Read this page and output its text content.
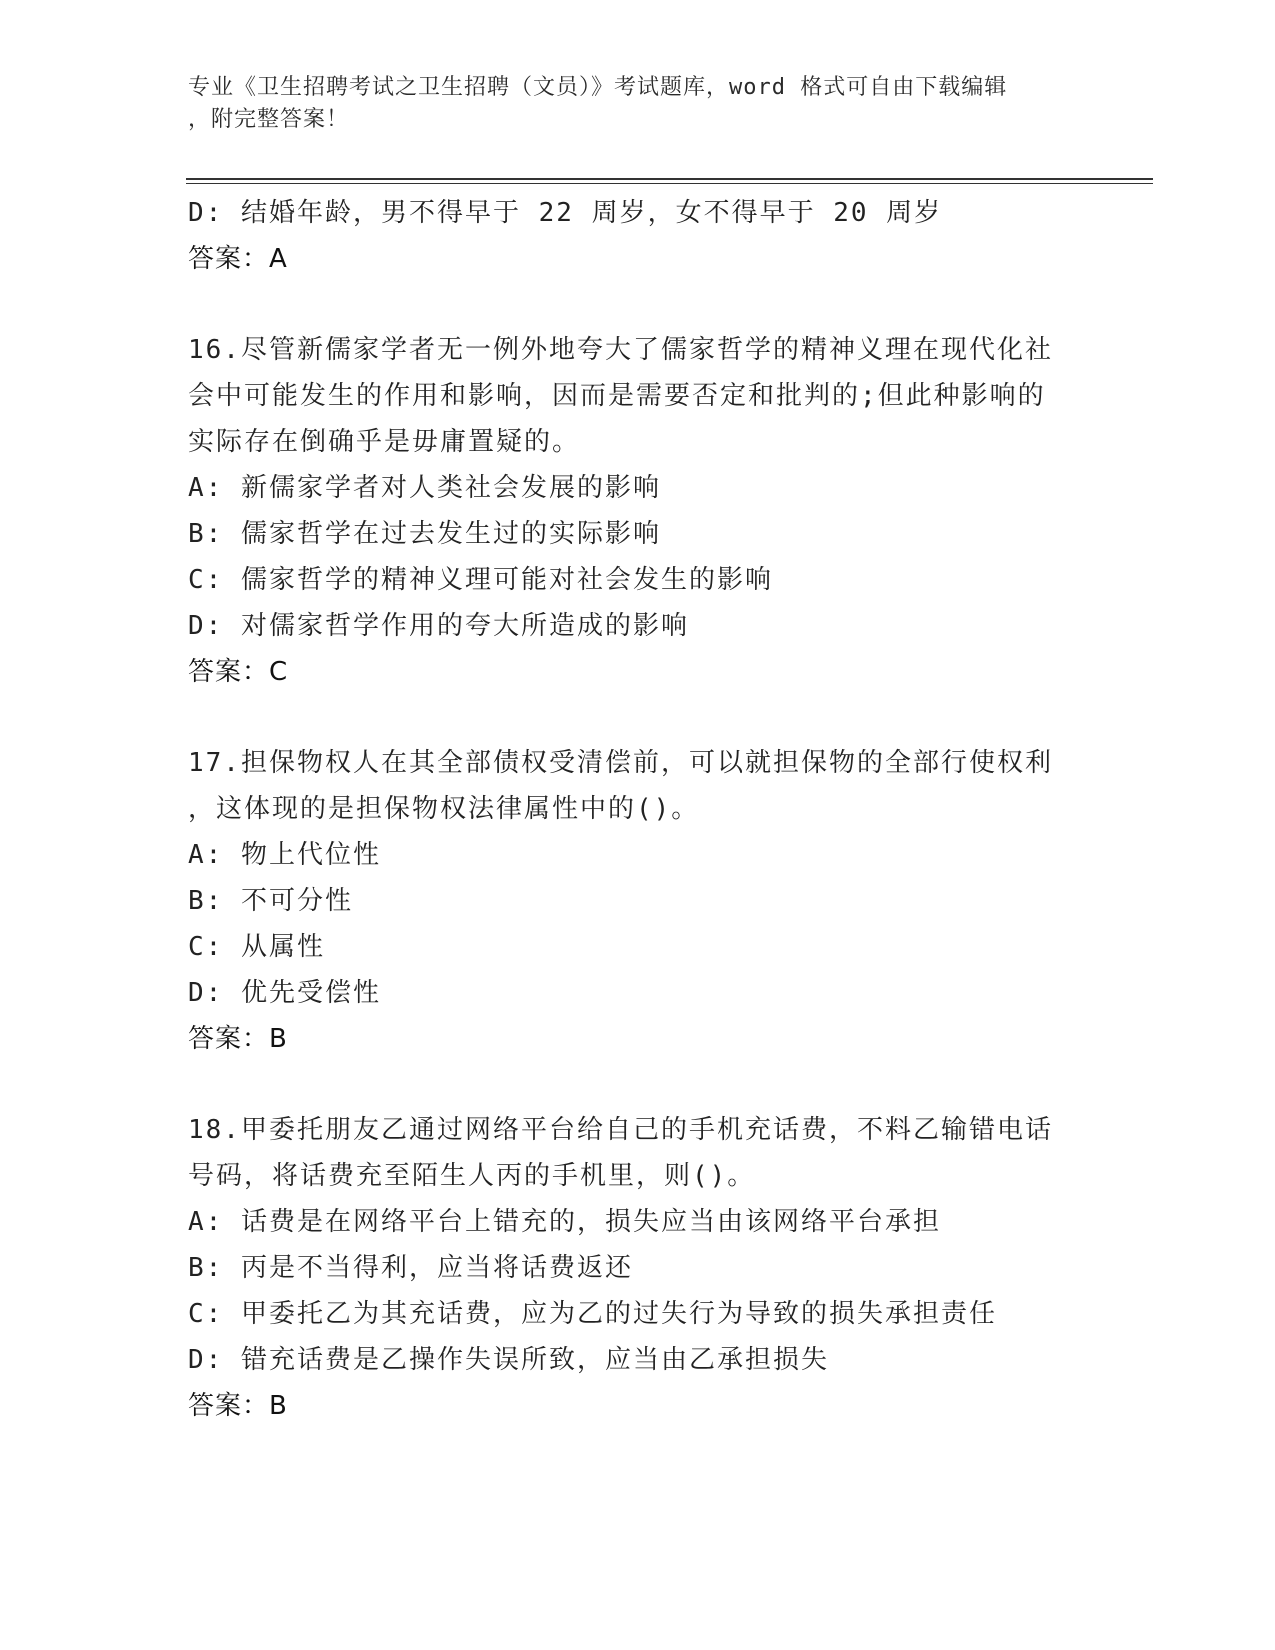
专业《卫生招聘考试之卫生招聘（文员）》考试题库，word 格式可自由下载编辑
，附完整答案！
D: 结婚年龄，男不得早于 22 周岁，女不得早于 20 周岁
答案：A
16.尽管新儒家学者无一例外地夸大了儒家哲学的精神义理在现代化社
会中可能发生的作用和影响，因而是需要否定和批判的;但此种影响的
实际存在倒确乎是毋庸置疑的。
A: 新儒家学者对人类社会发展的影响
B: 儒家哲学在过去发生过的实际影响
C: 儒家哲学的精神义理可能对社会发生的影响
D: 对儒家哲学作用的夸大所造成的影响
答案：C
17.担保物权人在其全部债权受清偿前，可以就担保物的全部行使权利
，这体现的是担保物权法律属性中的()。
A: 物上代位性
B: 不可分性
C: 从属性
D: 优先受偿性
答案：B
18.甲委托朋友乙通过网络平台给自己的手机充话费，不料乙输错电话
号码，将话费充至陌生人丙的手机里，则()。
A: 话费是在网络平台上错充的，损失应当由该网络平台承担
B: 丙是不当得利，应当将话费返还
C: 甲委托乙为其充话费，应为乙的过失行为导致的损失承担责任
D: 错充话费是乙操作失误所致，应当由乙承担损失
答案：B
